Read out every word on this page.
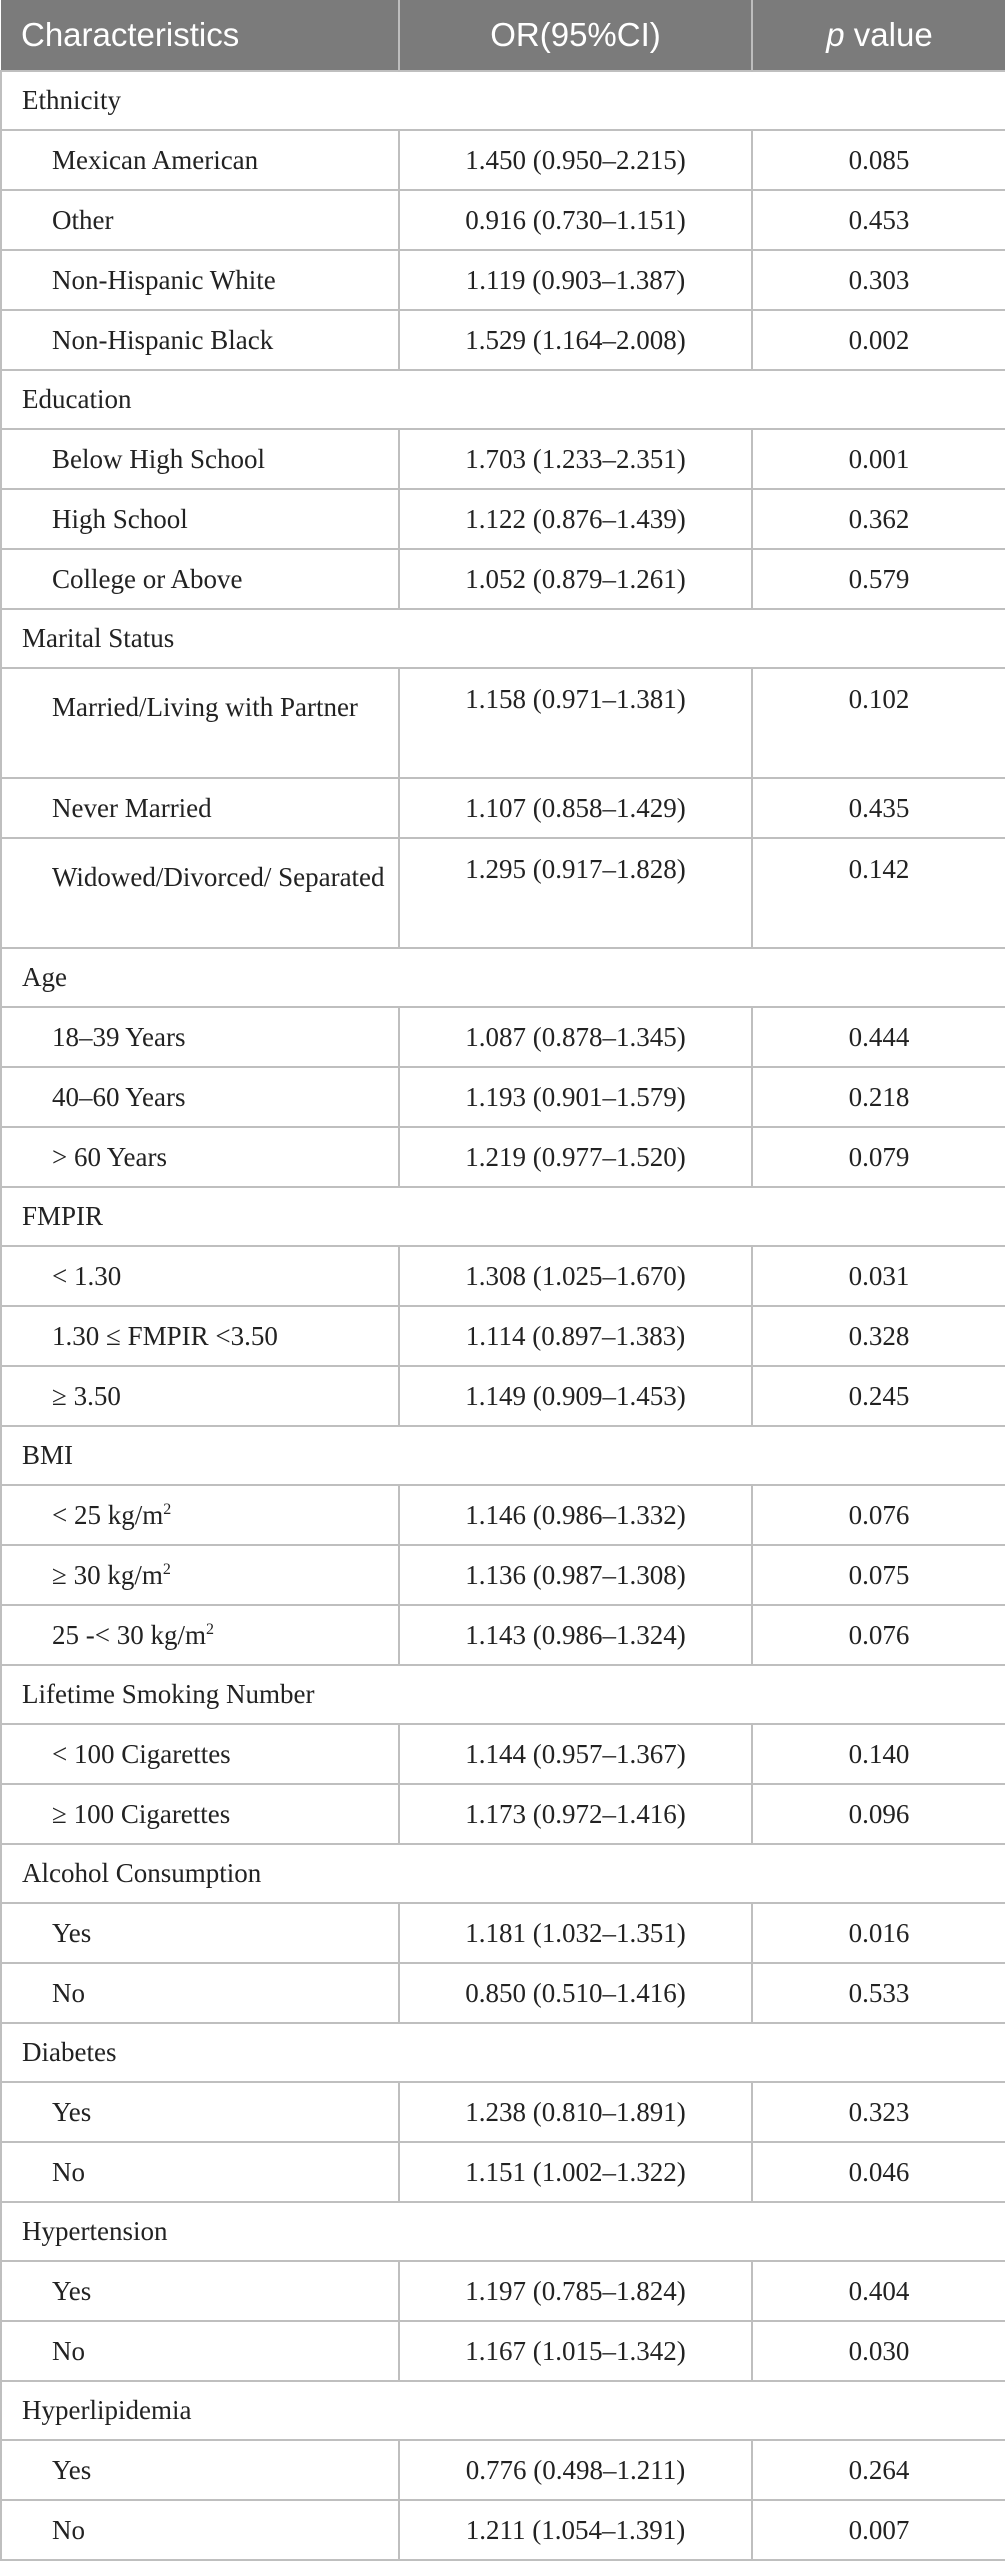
Characteristics	OR(95%CI)	p value
Ethnicity		
Mexican American	1.450 (0.950–2.215)	0.085
Other	0.916 (0.730–1.151)	0.453
Non-Hispanic White	1.119 (0.903–1.387)	0.303
Non-Hispanic Black	1.529 (1.164–2.008)	0.002
Education		
Below High School	1.703 (1.233–2.351)	0.001
High School	1.122 (0.876–1.439)	0.362
College or Above	1.052 (0.879–1.261)	0.579
Marital Status		
Married/Living with Partner	1.158 (0.971–1.381)	0.102
Never Married	1.107 (0.858–1.429)	0.435
Widowed/Divorced/ Separated	1.295 (0.917–1.828)	0.142
Age		
18–39 Years	1.087 (0.878–1.345)	0.444
40–60 Years	1.193 (0.901–1.579)	0.218
> 60 Years	1.219 (0.977–1.520)	0.079
FMPIR		
< 1.30	1.308 (1.025–1.670)	0.031
1.30 ≤ FMPIR <3.50	1.114 (0.897–1.383)	0.328
≥ 3.50	1.149 (0.909–1.453)	0.245
BMI		
< 25 $kg/m^2$	1.146 (0.986–1.332)	0.076
≥ 30 $kg/m^2$	1.136 (0.987–1.308)	0.075
25 -< 30 $kg/m^2$	1.143 (0.986–1.324)	0.076
Lifetime Smoking Number		
< 100 Cigarettes	1.144 (0.957–1.367)	0.140
≥ 100 Cigarettes	1.173 (0.972–1.416)	0.096
Alcohol Consumption		
Yes	1.181 (1.032–1.351)	0.016
No	0.850 (0.510–1.416)	0.533
Diabetes		
Yes	1.238 (0.810–1.891)	0.323
No	1.151 (1.002–1.322)	0.046
Hypertension		
Yes	1.197 (0.785–1.824)	0.404
No	1.167 (1.015–1.342)	0.030
Hyperlipidemia		
Yes	0.776 (0.498–1.211)	0.264
No	1.211 (1.054–1.391)	0.007
